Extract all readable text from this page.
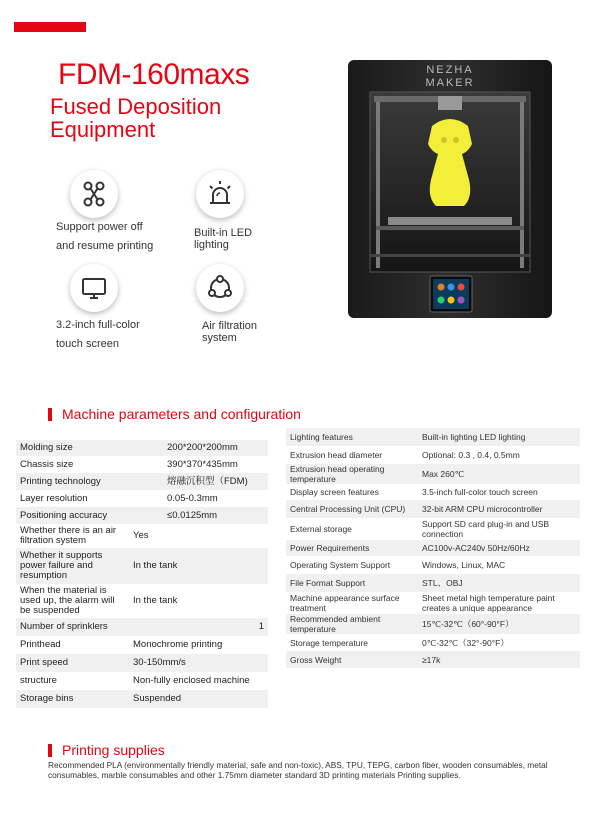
FDM-160maxs
Fused Deposition Equipment
Support power off
and resume printing
Built-in LED
lighting
3.2-inch full-color
touch screen
Air filtration
system
NEZHA
MAKER
Machine parameters and configuration
Molding size	200*200*200mm
Chassis size	390*370*435mm
Printing technology	熔融沉积型（FDM)
Layer resolution	0.05-0.3mm
Positioning accuracy	≤0.0125mm
Whether there is an air filtration system	Yes
Whether it supports power failure and resumption	In the tank
When the material is used up, the alarm will be suspended	In the tank
Number of sprinklers	1
Printhead	Monochrome printing
Print speed	30-150mm/s
structure	Non-fully enclosed machine
Storage bins	Suspended
Lighting features	Built-in lighting LED lighting
Extrusion head diameter	Optional: 0.3 , 0.4, 0.5mm
Extrusion head operating temperature	Max 260℃
Display screen features	3.5-inch full-color touch screen
Central Processing Unit (CPU)	32-bit ARM CPU microcontroller
External storage	Support SD card plug-in and USB connection
Power Requirements	AC100v-AC240v 50Hz/60Hz
Operating System Support	Windows, Linux, MAC
File Format Support	STL、OBJ
Machine appearance surface treatment	Sheet metal high temperature paint creates a unique appearance
Recommended ambient temperature	15℃-32℃（60°-90°F）
Storage temperature	0℃-32℃（32°-90°F）
Gross Weight	≥17k
Printing supplies
Recommended PLA (environmentally friendly material, safe and non-toxic), ABS, TPU, TEPG, carbon fiber, wooden consumables, metal consumables, marble consumables and other 1.75mm diameter standard 3D printing materials Printing supplies.
